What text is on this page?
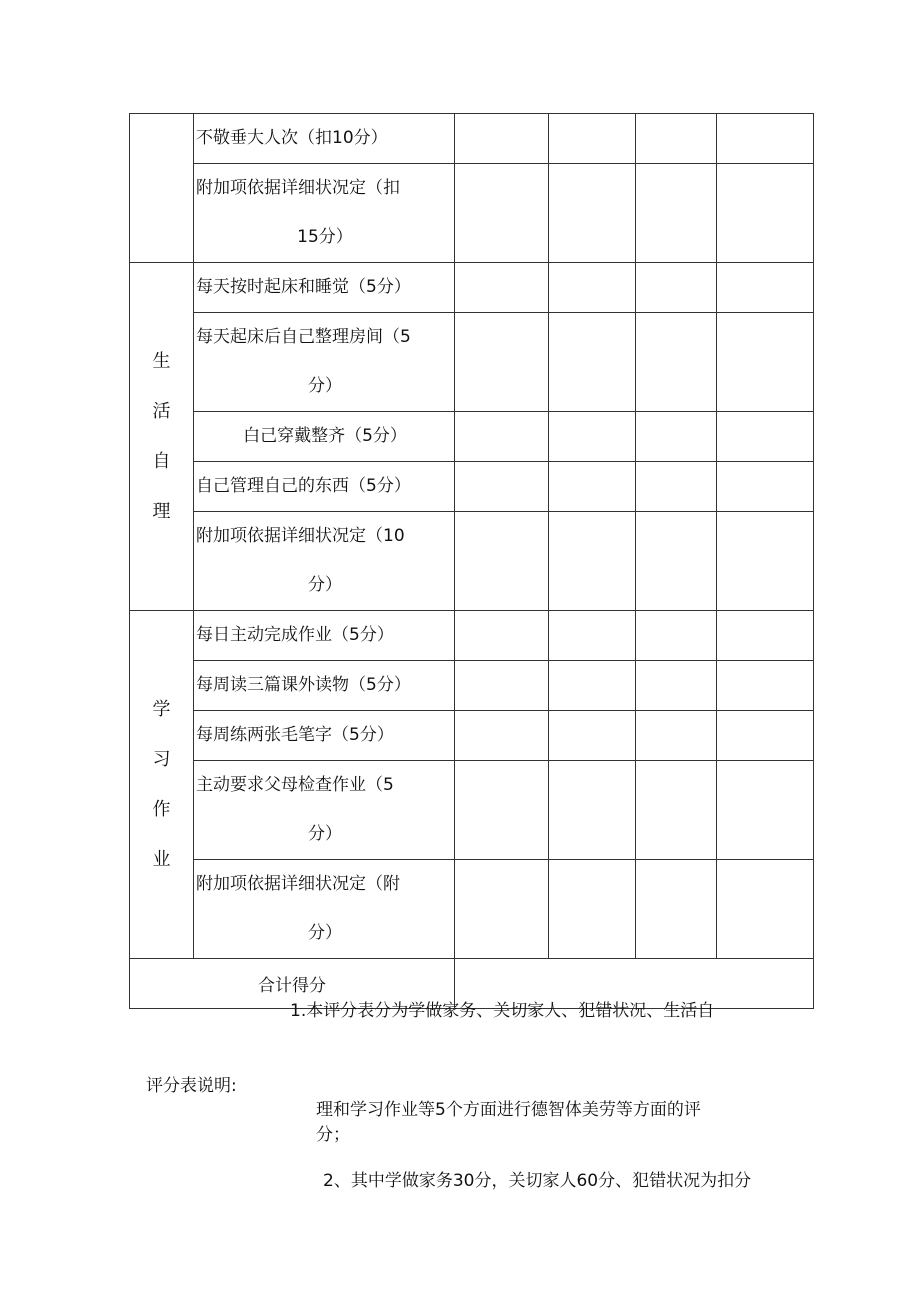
	不敬垂大人次（扣10分）				

	附加项依据详细状况定（扣
15分）				

生
活
自
理	每天按时起床和睡觉（5分）				

	每天起床后自己整理房间（5
分）				

	白己穿戴整齐（5分）				
	自己管理自己的东西（5分）				

	附加项依据详细状况定（10
分）				

学
习
作
业	每日主动完成作业（5分）				
	每周读三篇课外读物（5分）				
	每周练两张毛笔字（5分）				

	主动要求父母检查作业（5
分）				

	附加项依据详细状况定（附
分）				

合计得分					
1.本评分表分为学做家务、关切家人、犯错状况、生活自
评分表说明:
理和学习作业等5个方面进行德智体美劳等方面的评
分；
2、其中学做家务30分，关切家人60分、犯错状况为扣分
